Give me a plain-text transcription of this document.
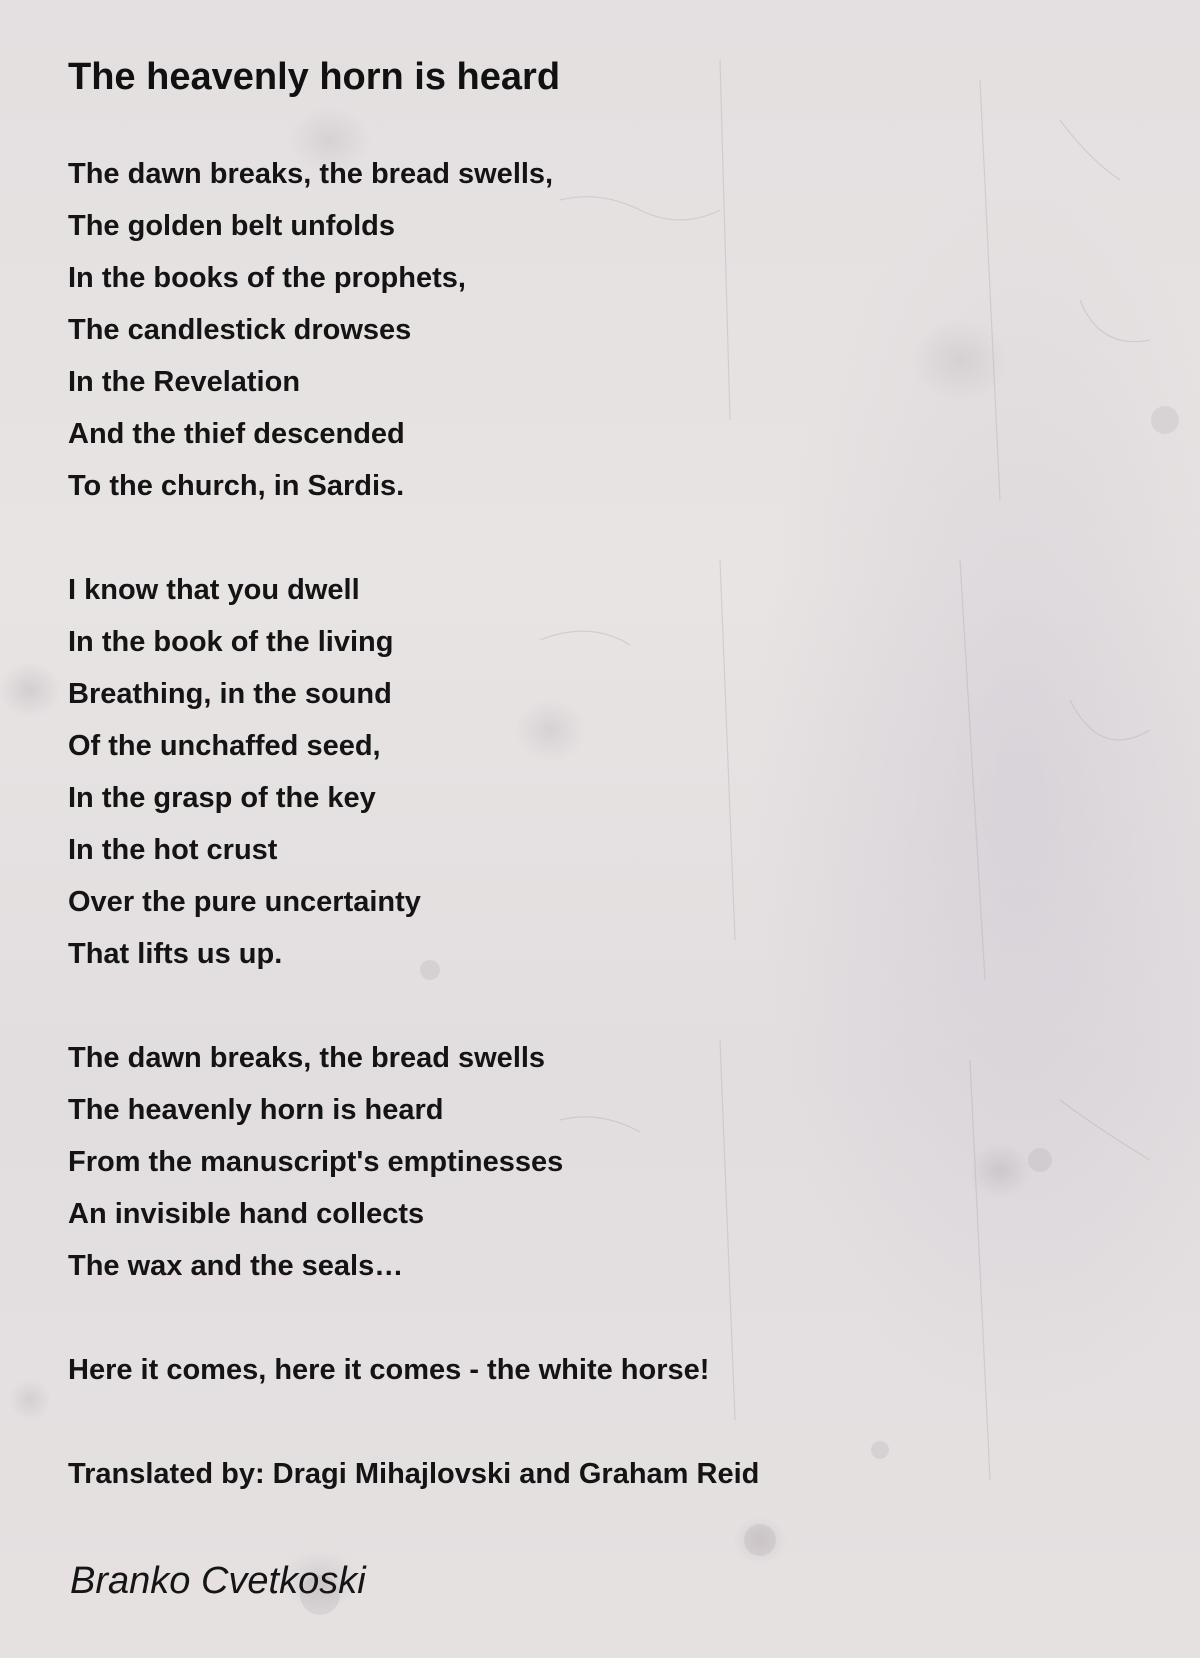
The heavenly horn is heard

The dawn breaks, the bread swells,
The golden belt unfolds
In the books of the prophets,
The candlestick drowses
In the Revelation
And the thief descended
To the church, in Sardis.

I know that you dwell
In the book of the living
Breathing, in the sound
Of the unchaffed seed,
In the grasp of the key
In the hot crust
Over the pure uncertainty
That lifts us up.

The dawn breaks, the bread swells
The heavenly horn is heard
From the manuscript's emptinesses
An invisible hand collects
The wax and the seals…

Here it comes, here it comes - the white horse!

Translated by: Dragi Mihajlovski and Graham Reid

Branko Cvetkoski
